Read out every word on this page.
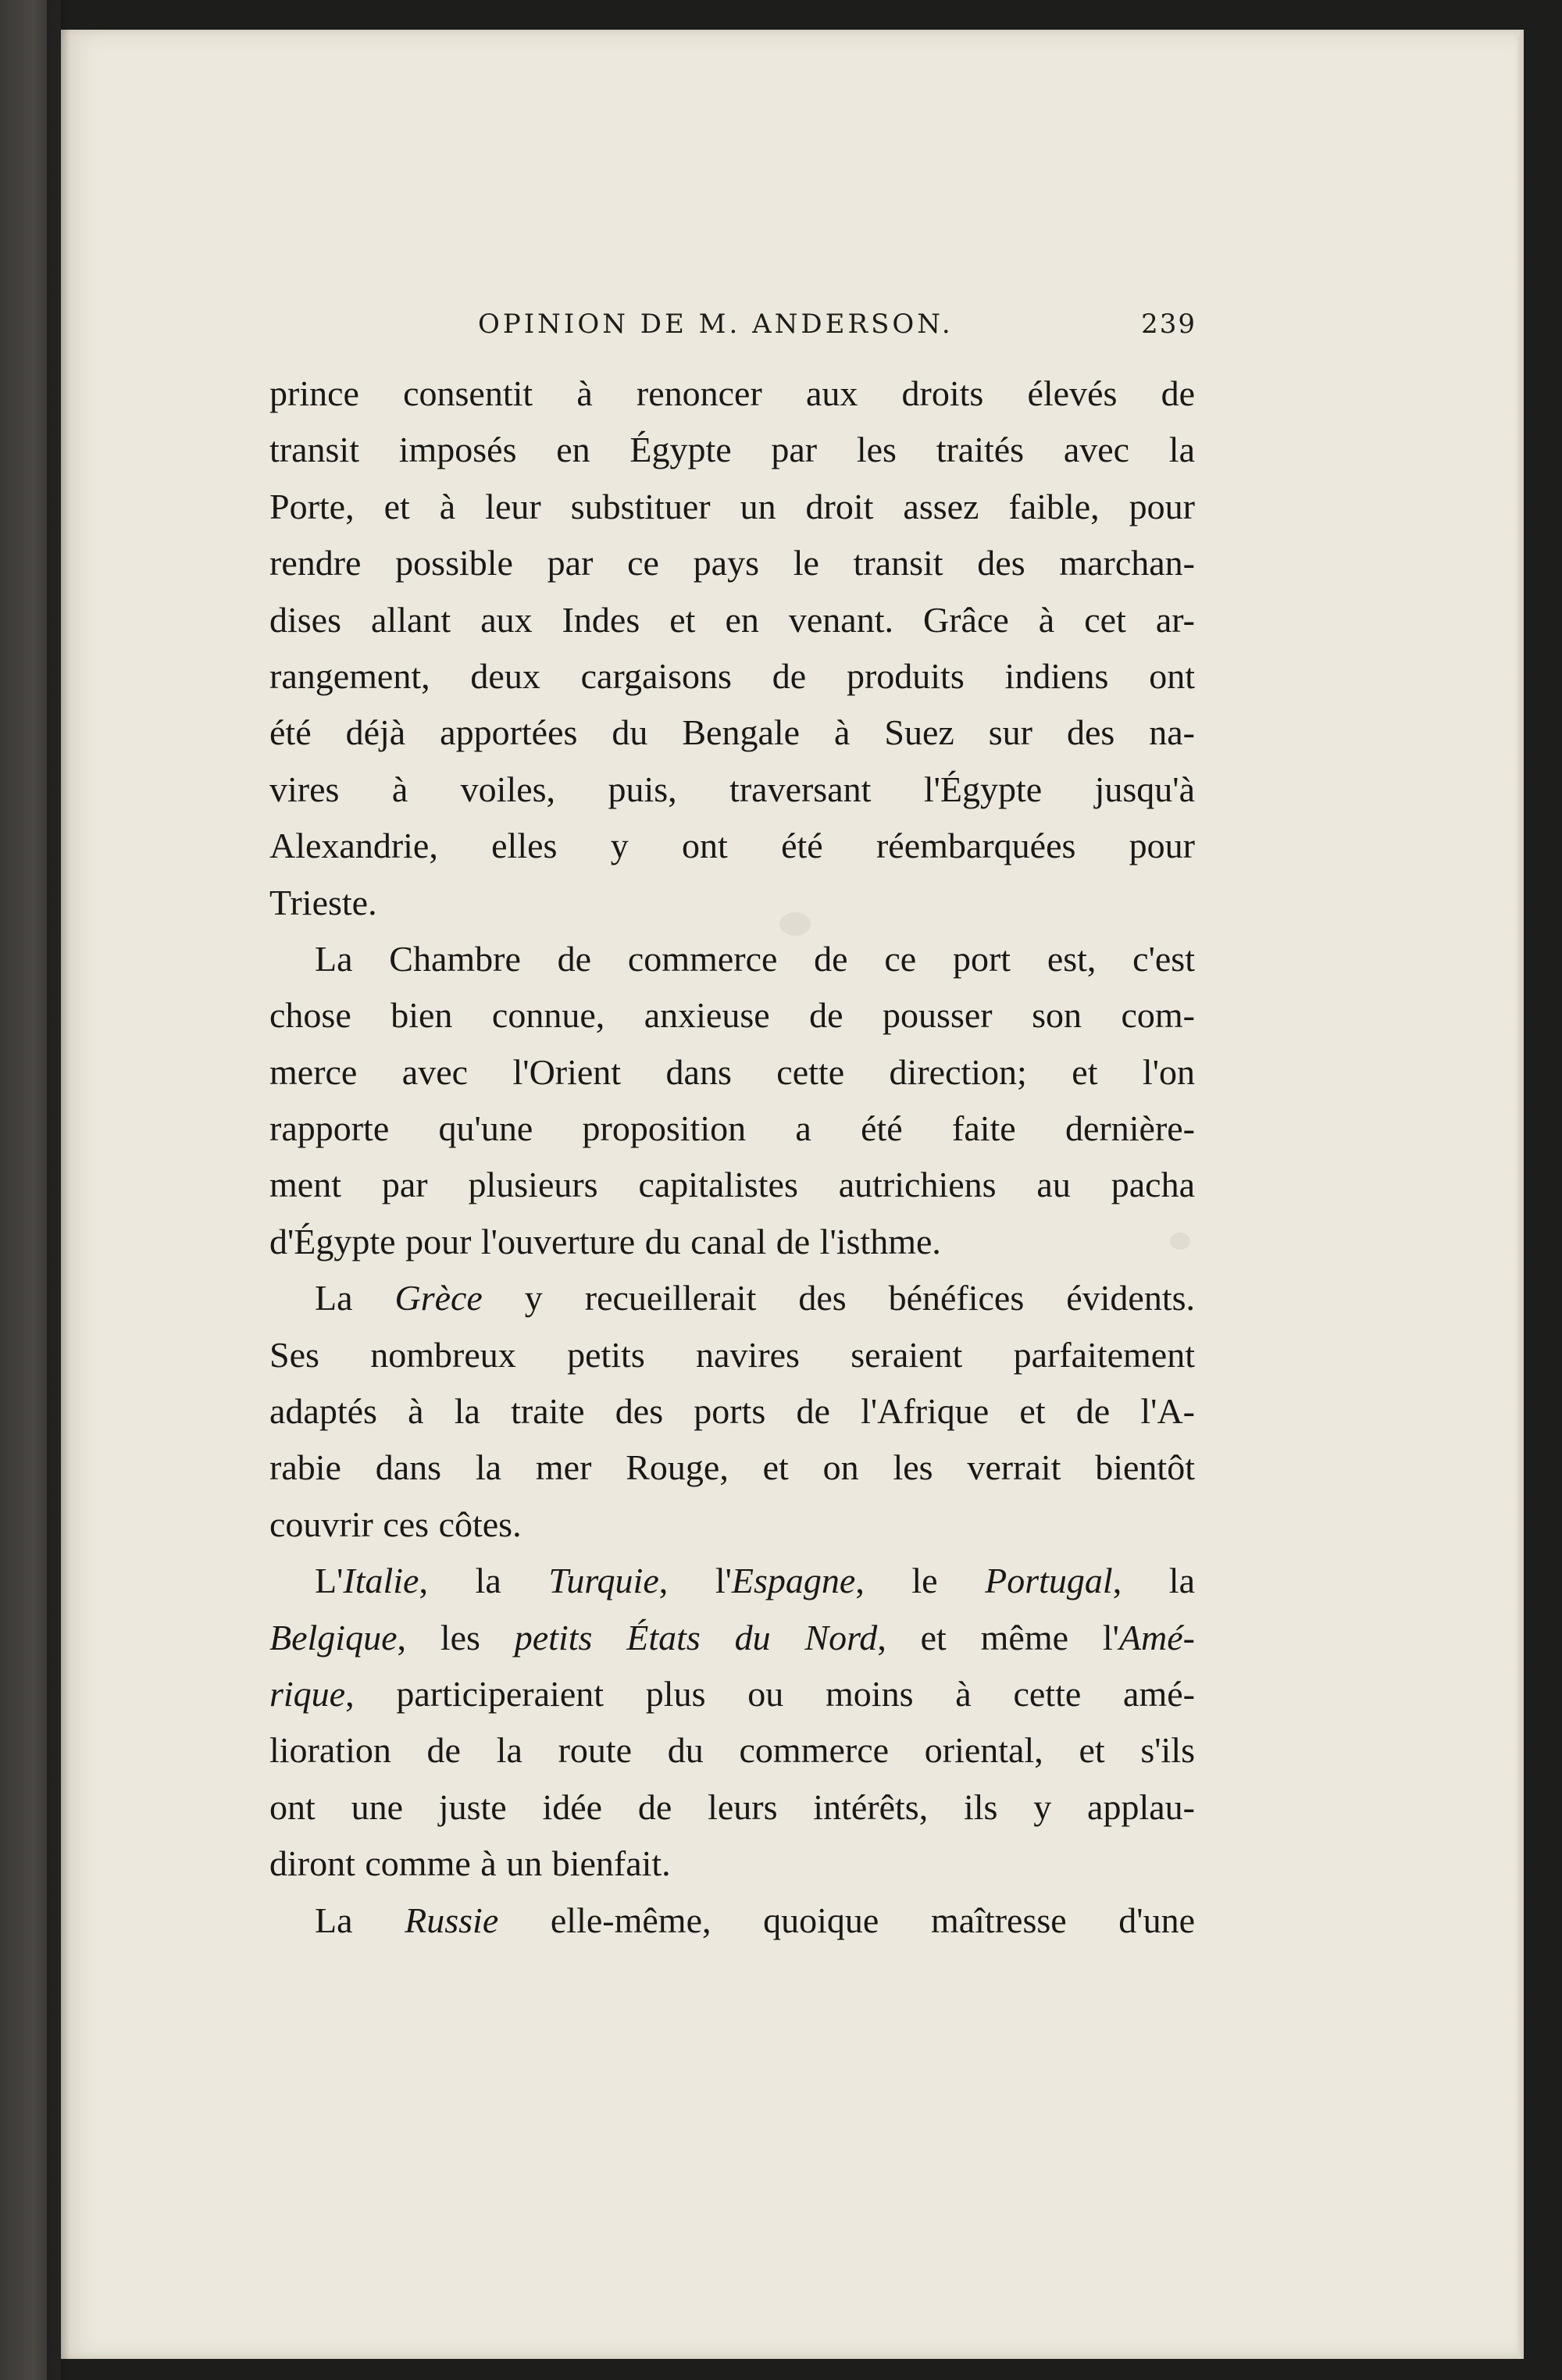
OPINION DE M. ANDERSON.	239
prince consentit à renoncer aux droits élevés de
transit imposés en Égypte par les traités avec la
Porte, et à leur substituer un droit assez faible, pour
rendre possible par ce pays le transit des marchan-
dises allant aux Indes et en venant. Grâce à cet ar-
rangement, deux cargaisons de produits indiens ont
été déjà apportées du Bengale à Suez sur des na-
vires à voiles, puis, traversant l'Égypte jusqu'à
Alexandrie, elles y ont été réembarquées pour
Trieste.
La Chambre de commerce de ce port est, c'est
chose bien connue, anxieuse de pousser son com-
merce avec l'Orient dans cette direction; et l'on
rapporte qu'une proposition a été faite dernière-
ment par plusieurs capitalistes autrichiens au pacha
d'Égypte pour l'ouverture du canal de l'isthme.
La Grèce y recueillerait des bénéfices évidents.
Ses nombreux petits navires seraient parfaitement
adaptés à la traite des ports de l'Afrique et de l'A-
rabie dans la mer Rouge, et on les verrait bientôt
couvrir ces côtes.
L'Italie, la Turquie, l'Espagne, le Portugal, la
Belgique, les petits États du Nord, et même l'Amé-
rique, participeraient plus ou moins à cette amé-
lioration de la route du commerce oriental, et s'ils
ont une juste idée de leurs intérêts, ils y applau-
diront comme à un bienfait.
La Russie elle-même, quoique maîtresse d'une
